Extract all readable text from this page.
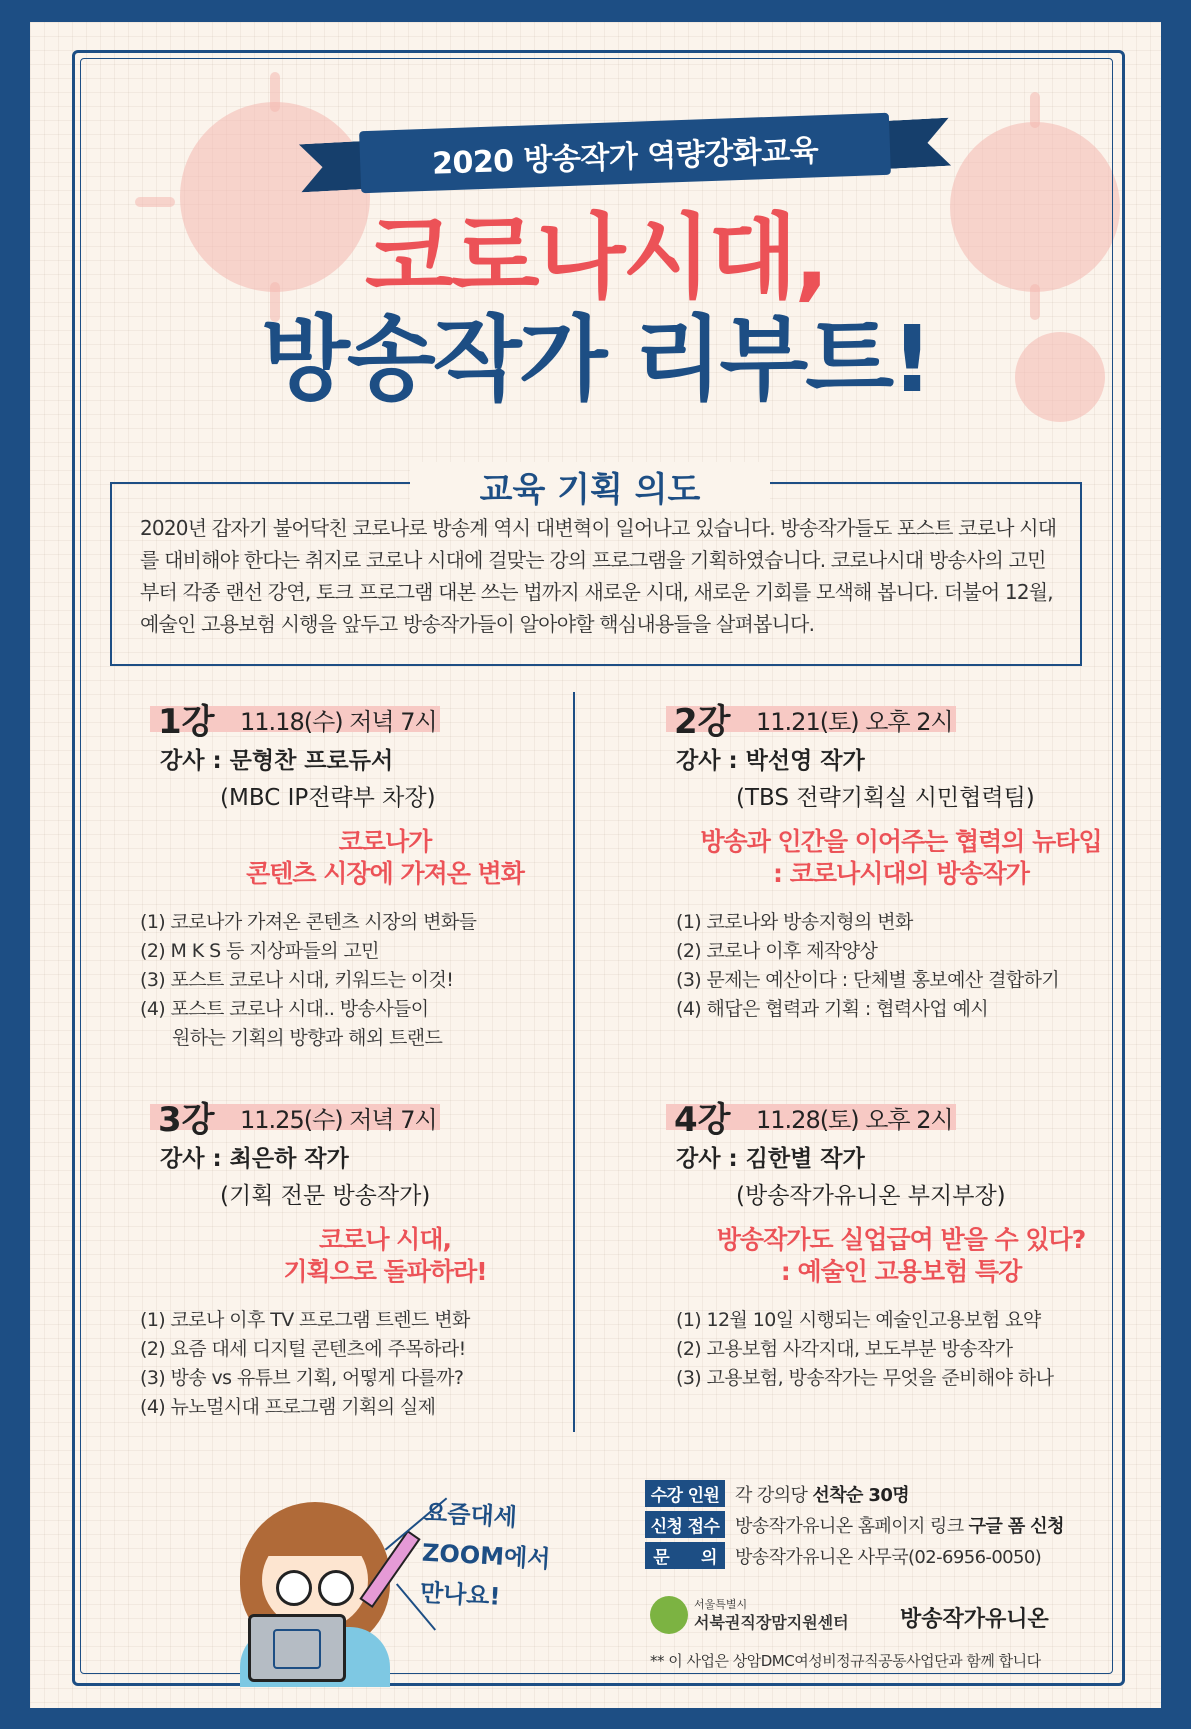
2020 방송작가 역량강화교육
코로나시대,
방송작가 리부트!
교육 기획 의도
2020년 갑자기 불어닥친 코로나로 방송계 역시 대변혁이 일어나고 있습니다. 방송작가들도 포스트 코로나 시대를 대비해야 한다는 취지로 코로나 시대에 걸맞는 강의 프로그램을 기획하였습니다. 코로나시대 방송사의 고민부터 각종 랜선 강연, 토크 프로그램 대본 쓰는 법까지 새로운 시대, 새로운 기회를 모색해 봅니다. 더불어 12월, 예술인 고용보험 시행을 앞두고 방송작가들이 알아야할 핵심내용들을 살펴봅니다.
1강 11.18(수) 저녁 7시
강사 : 문형찬 프로듀서
(MBC IP전략부 차장)
코로나가
콘텐츠 시장에 가져온 변화
(1) 코로나가 가져온 콘텐츠 시장의 변화들
(2) M K S 등 지상파들의 고민
(3) 포스트 코로나 시대, 키워드는 이것!
(4) 포스트 코로나 시대.. 방송사들이
원하는 기획의 방향과 해외 트랜드
2강 11.21(토) 오후 2시
강사 : 박선영 작가
(TBS 전략기획실 시민협력팀)
방송과 인간을 이어주는 협력의 뉴타입
: 코로나시대의 방송작가
(1) 코로나와 방송지형의 변화
(2) 코로나 이후 제작양상
(3) 문제는 예산이다 : 단체별 홍보예산 결합하기
(4) 해답은 협력과 기획 : 협력사업 예시
3강 11.25(수) 저녁 7시
강사 : 최은하 작가
(기획 전문 방송작가)
코로나 시대,
기획으로 돌파하라!
(1) 코로나 이후 TV 프로그램 트렌드 변화
(2) 요즘 대세 디지털 콘텐츠에 주목하라!
(3) 방송 vs 유튜브 기획, 어떻게 다를까?
(4) 뉴노멀시대 프로그램 기획의 실제
4강 11.28(토) 오후 2시
강사 : 김한별 작가
(방송작가유니온 부지부장)
방송작가도 실업급여 받을 수 있다?
: 예술인 고용보험 특강
(1) 12월 10일 시행되는 예술인고용보험 요약
(2) 고용보험 사각지대, 보도부분 방송작가
(3) 고용보험, 방송작가는 무엇을 준비해야 하나
요즘대세
ZOOM에서
만나요!
수강 인원 각 강의당 선착순 30명
신청 접수 방송작가유니온 홈페이지 링크 구글 폼 신청
문      의 방송작가유니온 사무국(02-6956-0050)
서울특별시
서북권직장맘지원센터 방송작가유니온
** 이 사업은 상암DMC여성비정규직공동사업단과 함께 합니다
